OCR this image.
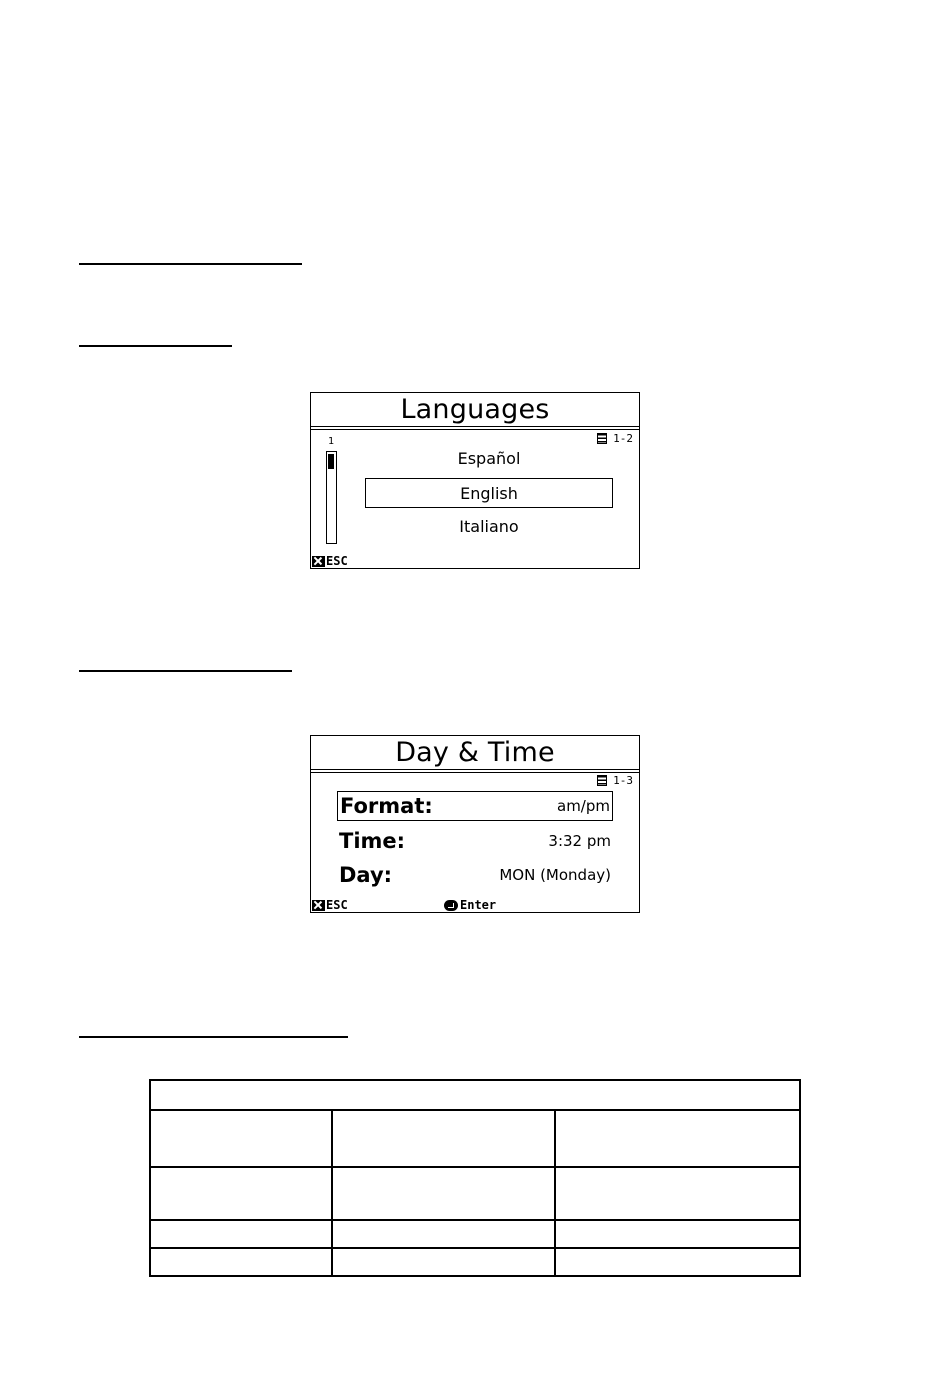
Languages
1-2
1
Español
English
Italiano
ESC
Day & Time
1-3
Format:	am/pm
Time:	3:32 pm
Day:	MON (Monday)
ESC	Enter
